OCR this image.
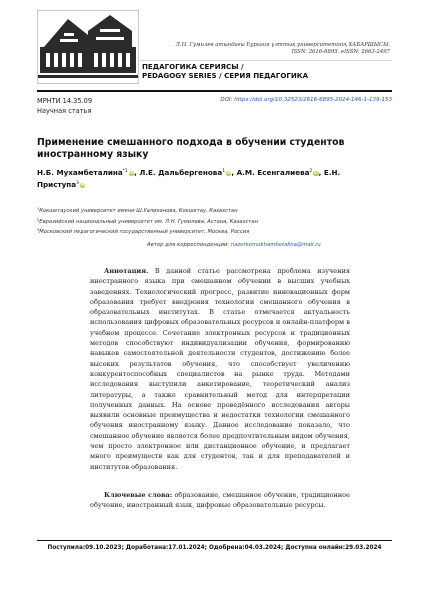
Л.Н. Гумилев атындағы Еуразия ұлттық университетінің ХАБАРШЫСЫ.
ISSN: 2616-6895. eISSN: 2663-2497
ПЕДАГОГИКА СЕРИЯСЫ /
PEDAGOGY SERIES / СЕРИЯ ПЕДАГОГИКА
МРНТИ 14.35.09
Научная статья
DOI: https://doi.org/10.32523/2616-6895-2024-146-1-139-153
Применение смешанного подхода в обучении студентов иностранному языку
Н.Б. Мухамбеталина$^{*1}$ iD, Л.Е. Дальбергенова$^1$ iD, А.М. Есенгалиева$^2$ iD, Е.Н. Приступа$^3$ iD
$^1$Кокшетауский университет имени Ш.Уалиханова, Кокшетау, Казахстан
$^2$Евразийский национальный университет им. Л.Н. Гумилева, Астана, Казахстан
$^3$Московский педагогический государственный университет, Москва, Россия
Автор для корреспонденции: nazerkemukhambetalina@mail.ru
Аннотация. В данной статье рассмотрена проблема изучения иностранного языка при смешанном обучении в высших учебных заведениях. Технологический прогресс, развитие инновационных форм образования требует внедрения технологии смешанного обучения в образовательных институтах. В статье отмечается актуальность использования цифровых образовательных ресурсов и онлайн-платформ в учебном процессе. Сочетание электронных ресурсов и традиционных методов способствуют индивидуализации обучения, формированию навыков самостоятельной деятельности студентов, достижению более высоких результатов обучения, что способствует увеличению конкурентоспособных специалистов на рынке труда. Методами исследования выступили анкетирование, теоретический анализ литературы, а также сравнительный метод для интерпретации полученных данных. На основе проведённого исследования авторы выявили основные преимущества и недостатки технологии смешанного обучения иностранному языку. Данное исследование показало, что смешанное обучение является более предпочтительным видом обучения, чем просто электронное или дистанционное обучение, и предлагает много преимуществ как для студентов, так и для преподавателей и институтов образования.
Ключевые слова: образование, смешанное обучение, традиционное обучение, иностранный язык, цифровые образовательные ресурсы.
Поступила:09.10.2023; Доработана:17.01.2024; Одобрена:04.03.2024; Доступна онлайн:29.03.2024
